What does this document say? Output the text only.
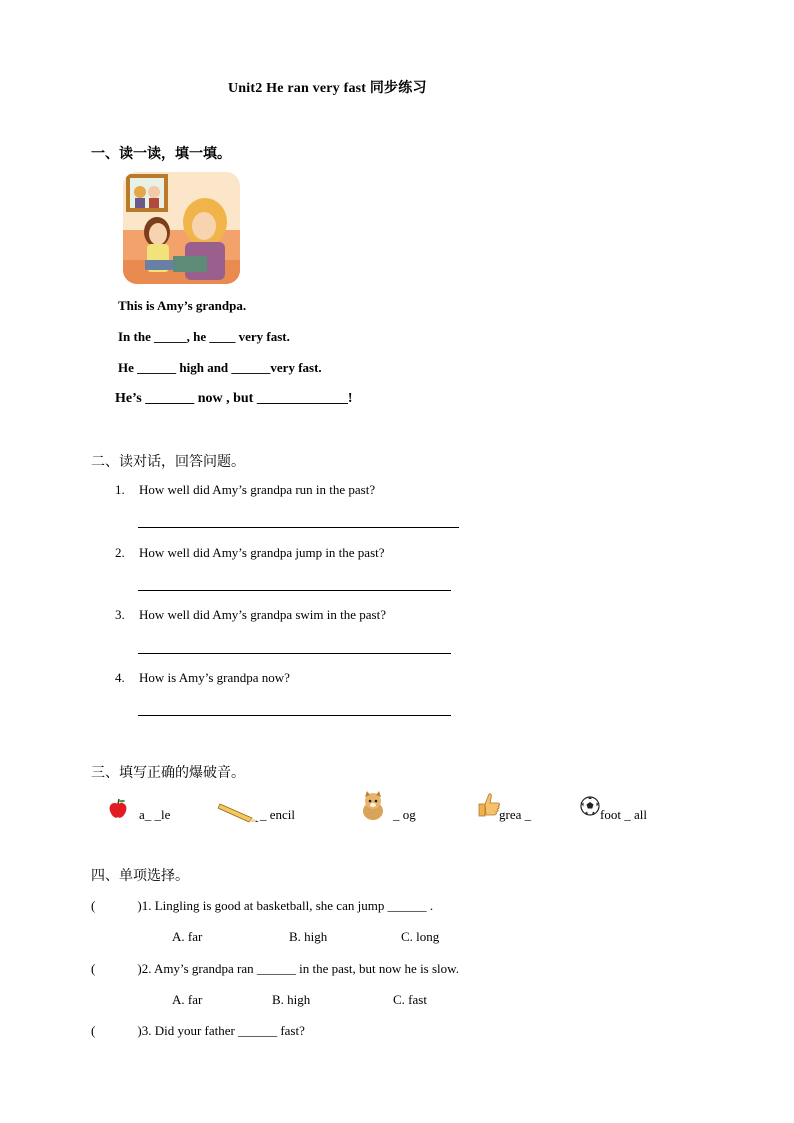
Unit2 He ran very fast 同步练习
一、读一读，填一填。
This is Amy’s grandpa.
In the _____, he ____ very fast.
He ______ high and ______very fast.
He’s _______ now , but _____________!
二、读对话，回答问题。
1. How well did Amy’s grandpa run in the past?
2. How well did Amy’s grandpa jump in the past?
3. How well did Amy’s grandpa swim in the past?
4. How is Amy’s grandpa now?
三、填写正确的爆破音。
a_ _le	_ encil	_ og	grea _	foot _ all
四、单项选择。
(	)1. Lingling is good at basketball, she can jump ______ .
A. far	B. high	C. long
(	)2. Amy’s grandpa ran ______ in the past, but now he is slow.
A. far	B. high	C. fast
(	)3. Did your father ______ fast?
